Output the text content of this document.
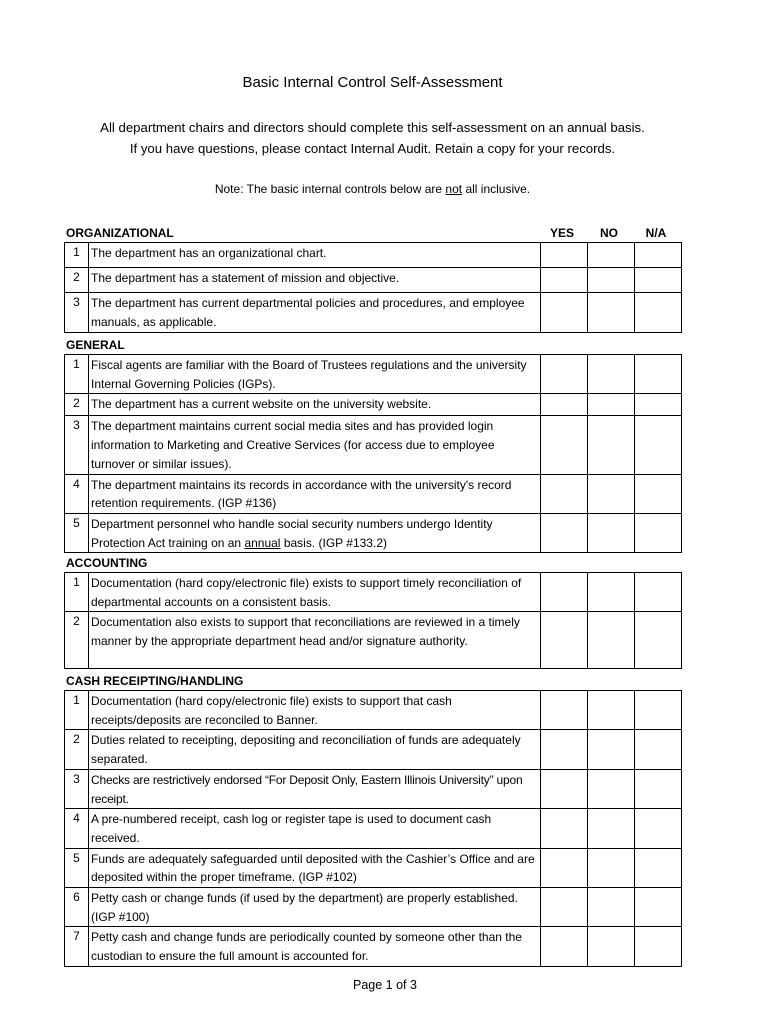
Basic Internal Control Self-Assessment
All department chairs and directors should complete this self-assessment on an annual basis.
If you have questions, please contact Internal Audit. Retain a copy for your records.
Note: The basic internal controls below are not all inclusive.
YES	NO	N/A
ORGANIZATIONAL
1	The department has an organizational chart.			
2	The department has a statement of mission and objective.			
3	The department has current departmental policies and procedures, and employee manuals, as applicable.			
GENERAL
1	Fiscal agents are familiar with the Board of Trustees regulations and the university Internal Governing Policies (IGPs).			
2	The department has a current website on the university website.			
3	The department maintains current social media sites and has provided login information to Marketing and Creative Services (for access due to employee turnover or similar issues).			
4	The department maintains its records in accordance with the university's record retention requirements. (IGP #136)			
5	Department personnel who handle social security numbers undergo Identity Protection Act training on an annual basis. (IGP #133.2)			
ACCOUNTING
1	Documentation (hard copy/electronic file) exists to support timely reconciliation of departmental accounts on a consistent basis.			
2	Documentation also exists to support that reconciliations are reviewed in a timely manner by the appropriate department head and/or signature authority.			
CASH RECEIPTING/HANDLING
1	Documentation (hard copy/electronic file) exists to support that cash receipts/deposits are reconciled to Banner.			
2	Duties related to receipting, depositing and reconciliation of funds are adequately separated.			
3	Checks are restrictively endorsed “For Deposit Only, Eastern Illinois University” upon receipt.			
4	A pre-numbered receipt, cash log or register tape is used to document cash received.			
5	Funds are adequately safeguarded until deposited with the Cashier’s Office and are deposited within the proper timeframe. (IGP #102)			
6	Petty cash or change funds (if used by the department) are properly established. (IGP #100)			
7	Petty cash and change funds are periodically counted by someone other than the custodian to ensure the full amount is accounted for.			
Page 1 of 3
